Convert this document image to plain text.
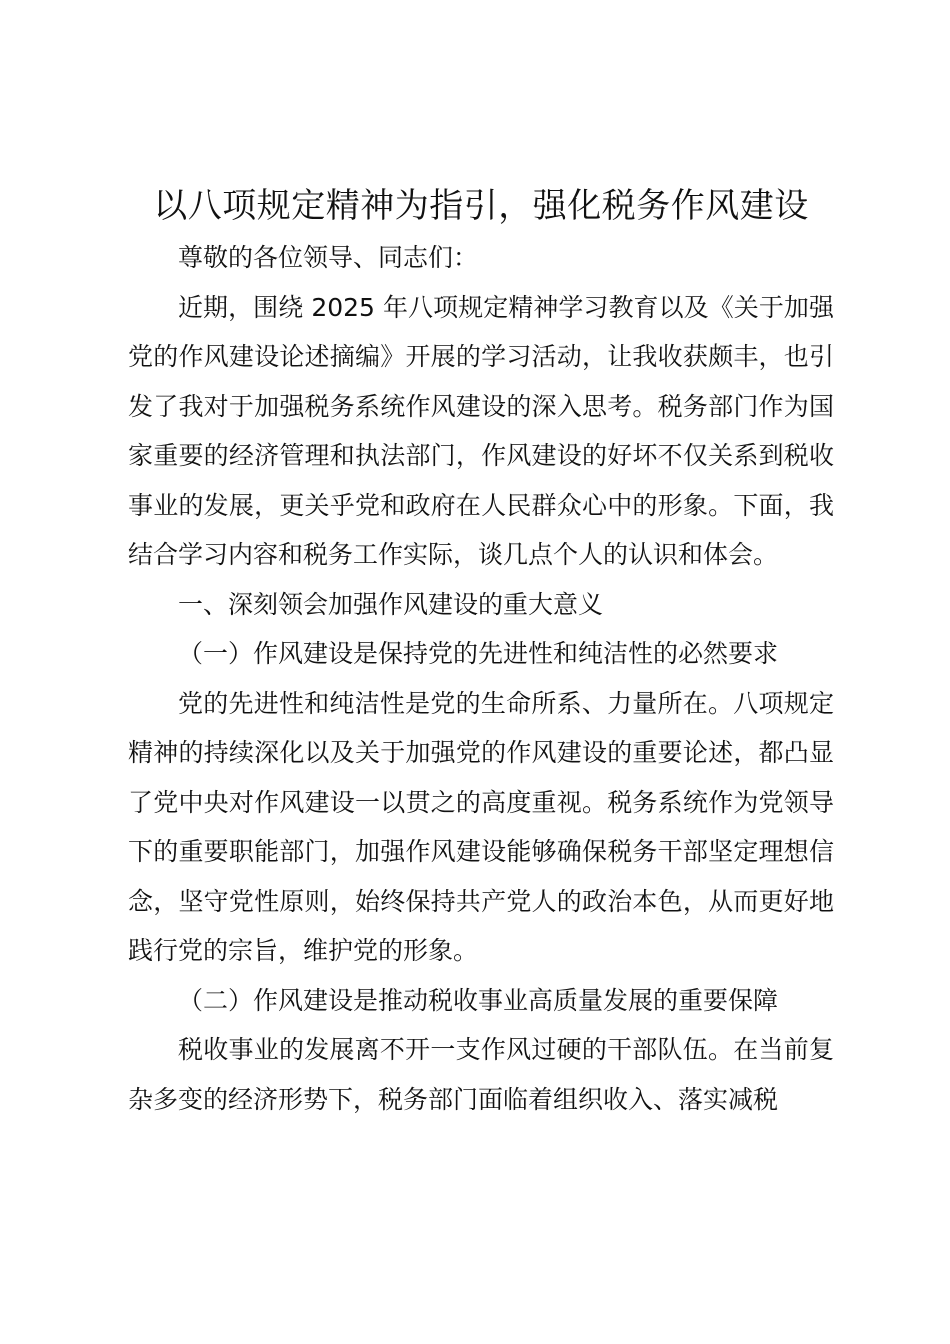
以八项规定精神为指引，强化税务作风建设

尊敬的各位领导、同志们：

近期，围绕 2025 年八项规定精神学习教育以及《关于加强党的作风建设论述摘编》开展的学习活动，让我收获颇丰，也引发了我对于加强税务系统作风建设的深入思考。税务部门作为国家重要的经济管理和执法部门，作风建设的好坏不仅关系到税收事业的发展，更关乎党和政府在人民群众心中的形象。下面，我结合学习内容和税务工作实际，谈几点个人的认识和体会。

一、深刻领会加强作风建设的重大意义

（一）作风建设是保持党的先进性和纯洁性的必然要求

党的先进性和纯洁性是党的生命所系、力量所在。八项规定精神的持续深化以及关于加强党的作风建设的重要论述，都凸显了党中央对作风建设一以贯之的高度重视。税务系统作为党领导下的重要职能部门，加强作风建设能够确保税务干部坚定理想信念，坚守党性原则，始终保持共产党人的政治本色，从而更好地践行党的宗旨，维护党的形象。

（二）作风建设是推动税收事业高质量发展的重要保障

税收事业的发展离不开一支作风过硬的干部队伍。在当前复杂多变的经济形势下，税务部门面临着组织收入、落实减税
